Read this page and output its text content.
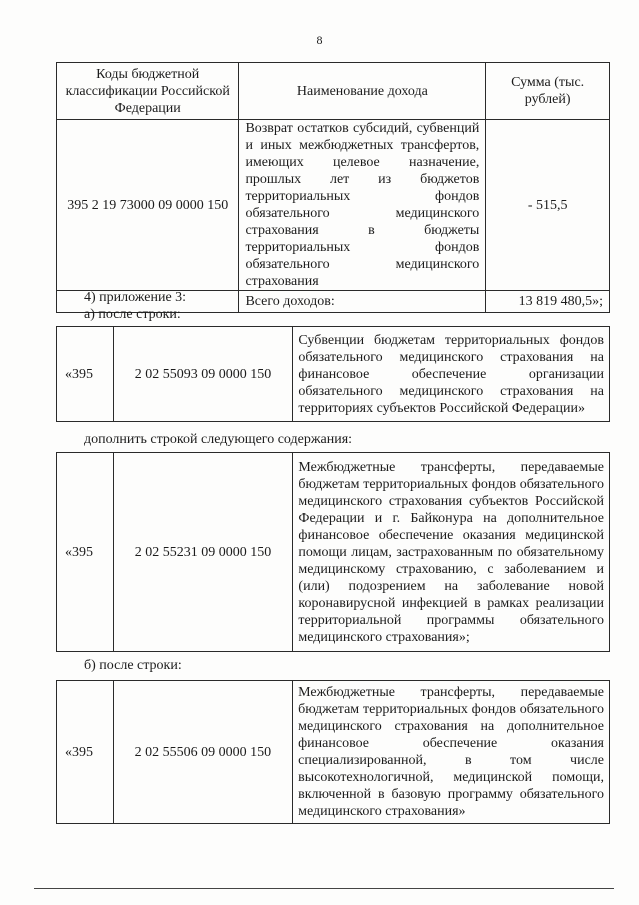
8
Коды бюджетной классификации Российской Федерации	Наименование дохода	Сумма (тыс. рублей)
395 2 19 73000 09 0000 150	Возврат остатков субсидий, субвенций и иных межбюджетных трансфертов, имеющих целевое назначение, прошлых лет из бюджетов территориальных фондов обязательного медицинского страхования в бюджеты территориальных фондов обязательного медицинского страхования	- 515,5
	Всего доходов:	13 819 480,5»;
4) приложение 3:
а) после строки:
«395	2 02 55093 09 0000 150	Субвенции бюджетам территориальных фондов обязательного медицинского страхования на финансовое обеспечение организации обязательного медицинского страхования на территориях субъектов Российской Федерации»
дополнить строкой следующего содержания:
«395	2 02 55231 09 0000 150	Межбюджетные трансферты, передаваемые бюджетам территориальных фондов обязательного медицинского страхования субъектов Российской Федерации и г. Байконура на дополнительное финансовое обеспечение оказания медицинской помощи лицам, застрахованным по обязательному медицинскому страхованию, с заболеванием и (или) подозрением на заболевание новой коронавирусной инфекцией в рамках реализации территориальной программы обязательного медицинского страхования»;
б) после строки:
«395	2 02 55506 09 0000 150	Межбюджетные трансферты, передаваемые бюджетам территориальных фондов обязательного медицинского страхования на дополнительное финансовое обеспечение оказания специализированной, в том числе высокотехнологичной, медицинской помощи, включенной в базовую программу обязательного медицинского страхования»
